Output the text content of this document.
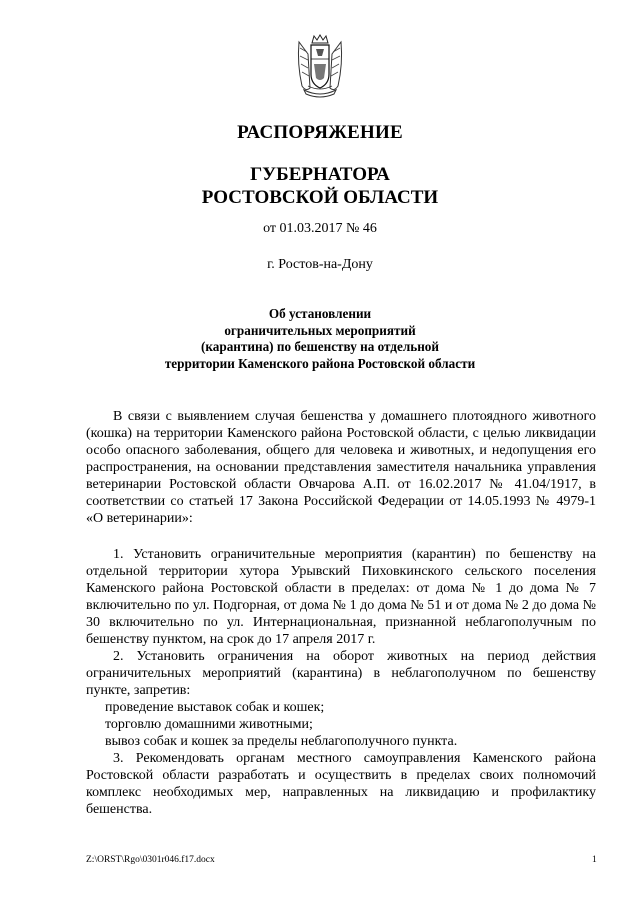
РАСПОРЯЖЕНИЕ
ГУБЕРНАТОРА
РОСТОВСКОЙ ОБЛАСТИ
от 01.03.2017 № 46
г. Ростов-на-Дону
Об установлении
ограничительных мероприятий
(карантина) по бешенству на отдельной
территории Каменского района Ростовской области

В связи с выявлением случая бешенства у домашнего плотоядного животного (кошка) на территории Каменского района Ростовской области, с целью ликвидации особо опасного заболевания, общего для человека и животных, и недопущения его распространения, на основании представления заместителя начальника управления ветеринарии Ростовской области Овчарова А.П. от 16.02.2017 № 41.04/1917, в соответствии со статьей 17 Закона Российской Федерации от 14.05.1993 № 4979-1 «О ветеринарии»:

1. Установить ограничительные мероприятия (карантин) по бешенству на отдельной территории хутора Урывский Пиховкинского сельского поселения Каменского района Ростовской области в пределах: от дома № 1 до дома № 7 включительно по ул. Подгорная, от дома № 1 до дома № 51 и от дома № 2 до дома № 30 включительно по ул. Интернациональная, признанной неблагополучным по бешенству пунктом, на срок до 17 апреля 2017 г.

2. Установить ограничения на оборот животных на период действия ограничительных мероприятий (карантина) в неблагополучном по бешенству пункте, запретив:

проведение выставок собак и кошек;

торговлю домашними животными;

вывоз собак и кошек за пределы неблагополучного пункта.

3. Рекомендовать органам местного самоуправления Каменского района Ростовской области разработать и осуществить в пределах своих полномочий комплекс необходимых мер, направленных на ликвидацию и профилактику бешенства.

Z:\ORST\Rgo\0301r046.f17.docx	1
